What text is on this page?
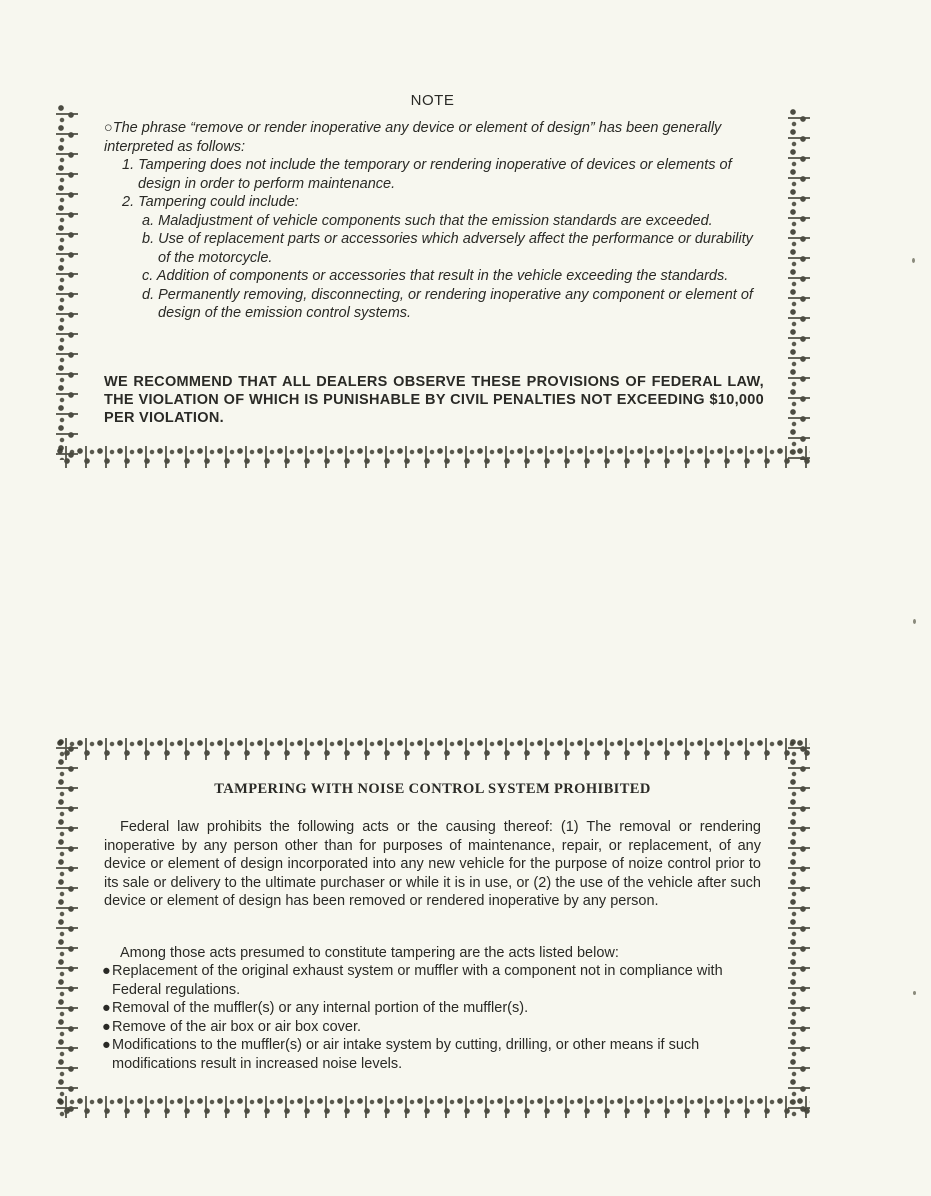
NOTE

○The phrase “remove or render inoperative any device or element of design” has been generally interpreted as follows:

1. Tampering does not include the temporary or rendering inoperative of devices or elements of design in order to perform maintenance.

2. Tampering could include:

a. Maladjustment of vehicle components such that the emission standards are exceeded.

b. Use of replacement parts or accessories which adversely affect the performance or durability of the motorcycle.

c. Addition of components or accessories that result in the vehicle exceeding the standards.

d. Permanently removing, disconnecting, or rendering inoperative any component or element of design of the emission control systems.

WE RECOMMEND THAT ALL DEALERS OBSERVE THESE PROVISIONS OF FEDERAL LAW, THE VIOLATION OF WHICH IS PUNISHABLE BY CIVIL PENALTIES NOT EXCEEDING $10,000 PER VIOLATION.
TAMPERING WITH NOISE CONTROL SYSTEM PROHIBITED

Federal law prohibits the following acts or the causing thereof: (1) The removal or rendering inoperative by any person other than for purposes of maintenance, repair, or replacement, of any device or element of design incorporated into any new vehicle for the purpose of noize control prior to its sale or delivery to the ultimate purchaser or while it is in use, or (2) the use of the vehicle after such device or element of design has been removed or rendered inoperative by any person.

Among those acts presumed to constitute tampering are the acts listed below:

●Replacement of the original exhaust system or muffler with a component not in compliance with Federal regulations.
●Removal of the muffler(s) or any internal portion of the muffler(s).
●Remove of the air box or air box cover.
●Modifications to the muffler(s) or air intake system by cutting, drilling, or other means if such modifications result in increased noise levels.
